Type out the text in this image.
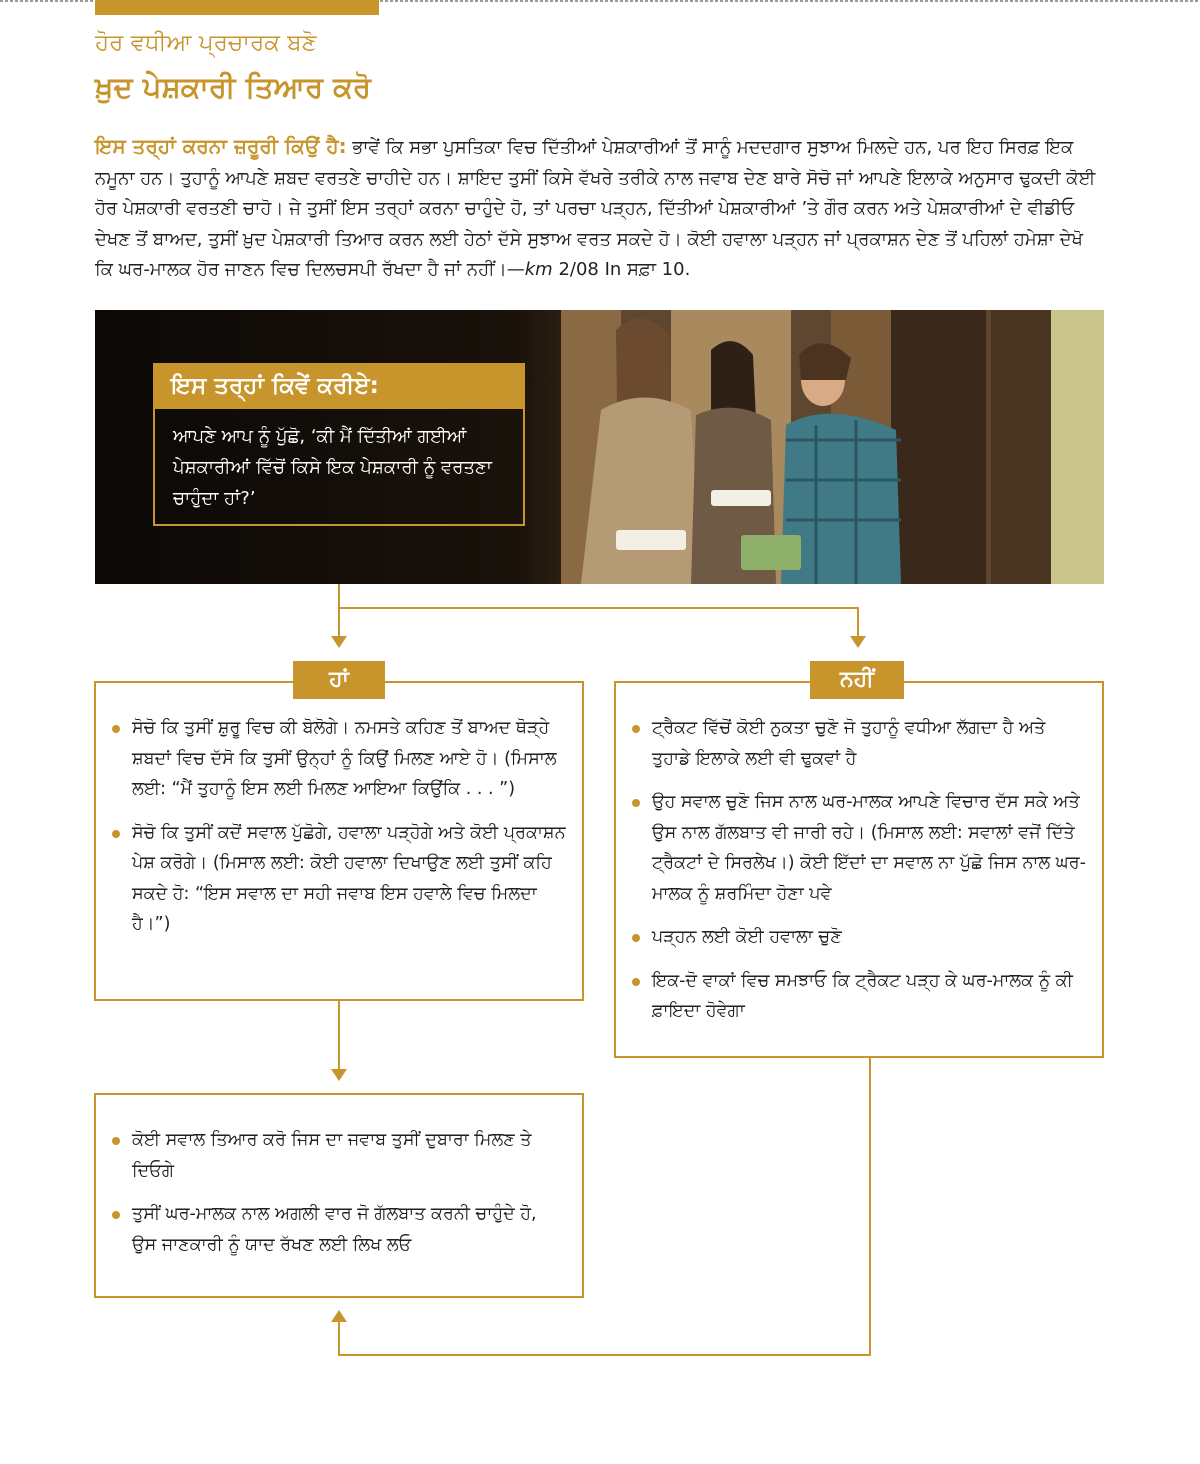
ਹੋਰ ਵਧੀਆ ਪ੍ਰਚਾਰਕ ਬਣੋ
ਖ਼ੁਦ ਪੇਸ਼ਕਾਰੀ ਤਿਆਰ ਕਰੋ
ਇਸ ਤਰ੍ਹਾਂ ਕਰਨਾ ਜ਼ਰੂਰੀ ਕਿਉਂ ਹੈ: ਭਾਵੇਂ ਕਿ ਸਭਾ ਪੁਸਤਿਕਾ ਵਿਚ ਦਿੱਤੀਆਂ ਪੇਸ਼ਕਾਰੀਆਂ ਤੋਂ ਸਾਨੂੰ ਮਦਦਗਾਰ ਸੁਝਾਅ ਮਿਲਦੇ ਹਨ, ਪਰ ਇਹ ਸਿਰਫ਼ ਇਕ ਨਮੂਨਾ ਹਨ। ਤੁਹਾਨੂੰ ਆਪਣੇ ਸ਼ਬਦ ਵਰਤਣੇ ਚਾਹੀਦੇ ਹਨ। ਸ਼ਾਇਦ ਤੁਸੀਂ ਕਿਸੇ ਵੱਖਰੇ ਤਰੀਕੇ ਨਾਲ ਜਵਾਬ ਦੇਣ ਬਾਰੇ ਸੋਚੋ ਜਾਂ ਆਪਣੇ ਇਲਾਕੇ ਅਨੁਸਾਰ ਢੁਕਦੀ ਕੋਈ ਹੋਰ ਪੇਸ਼ਕਾਰੀ ਵਰਤਣੀ ਚਾਹੋ। ਜੇ ਤੁਸੀਂ ਇਸ ਤਰ੍ਹਾਂ ਕਰਨਾ ਚਾਹੁੰਦੇ ਹੋ, ਤਾਂ ਪਰਚਾ ਪੜ੍ਹਨ, ਦਿੱਤੀਆਂ ਪੇਸ਼ਕਾਰੀਆਂ ’ਤੇ ਗੌਰ ਕਰਨ ਅਤੇ ਪੇਸ਼ਕਾਰੀਆਂ ਦੇ ਵੀਡੀਓ ਦੇਖਣ ਤੋਂ ਬਾਅਦ, ਤੁਸੀਂ ਖ਼ੁਦ ਪੇਸ਼ਕਾਰੀ ਤਿਆਰ ਕਰਨ ਲਈ ਹੇਠਾਂ ਦੱਸੇ ਸੁਝਾਅ ਵਰਤ ਸਕਦੇ ਹੋ। ਕੋਈ ਹਵਾਲਾ ਪੜ੍ਹਨ ਜਾਂ ਪ੍ਰਕਾਸ਼ਨ ਦੇਣ ਤੋਂ ਪਹਿਲਾਂ ਹਮੇਸ਼ਾ ਦੇਖੋ ਕਿ ਘਰ-ਮਾਲਕ ਹੋਰ ਜਾਣਨ ਵਿਚ ਦਿਲਚਸਪੀ ਰੱਖਦਾ ਹੈ ਜਾਂ ਨਹੀਂ।—km 2/08 In ਸਫ਼ਾ 10.
ਇਸ ਤਰ੍ਹਾਂ ਕਿਵੇਂ ਕਰੀਏ:
ਆਪਣੇ ਆਪ ਨੂੰ ਪੁੱਛੋ, ‘ਕੀ ਮੈਂ ਦਿੱਤੀਆਂ ਗਈਆਂ ਪੇਸ਼ਕਾਰੀਆਂ ਵਿੱਚੋਂ ਕਿਸੇ ਇਕ ਪੇਸ਼ਕਾਰੀ ਨੂੰ ਵਰਤਣਾ ਚਾਹੁੰਦਾ ਹਾਂ?’
ਸੋਚੋ ਕਿ ਤੁਸੀਂ ਸ਼ੁਰੂ ਵਿਚ ਕੀ ਬੋਲੋਗੇ। ਨਮਸਤੇ ਕਹਿਣ ਤੋਂ ਬਾਅਦ ਥੋੜ੍ਹੇ ਸ਼ਬਦਾਂ ਵਿਚ ਦੱਸੋ ਕਿ ਤੁਸੀਂ ਉਨ੍ਹਾਂ ਨੂੰ ਕਿਉਂ ਮਿਲਣ ਆਏ ਹੋ। (ਮਿਸਾਲ ਲਈ: “ਮੈਂ ਤੁਹਾਨੂੰ ਇਸ ਲਈ ਮਿਲਣ ਆਇਆ ਕਿਉਂਕਿ . . . ”)
ਸੋਚੋ ਕਿ ਤੁਸੀਂ ਕਦੋਂ ਸਵਾਲ ਪੁੱਛੋਗੇ, ਹਵਾਲਾ ਪੜ੍ਹੋਗੇ ਅਤੇ ਕੋਈ ਪ੍ਰਕਾਸ਼ਨ ਪੇਸ਼ ਕਰੋਗੇ। (ਮਿਸਾਲ ਲਈ: ਕੋਈ ਹਵਾਲਾ ਦਿਖਾਉਣ ਲਈ ਤੁਸੀਂ ਕਹਿ ਸਕਦੇ ਹੋ: “ਇਸ ਸਵਾਲ ਦਾ ਸਹੀ ਜਵਾਬ ਇਸ ਹਵਾਲੇ ਵਿਚ ਮਿਲਦਾ ਹੈ।”)
ਹਾਂ
ਟ੍ਰੈਕਟ ਵਿੱਚੋਂ ਕੋਈ ਨੁਕਤਾ ਚੁਣੋ ਜੋ ਤੁਹਾਨੂੰ ਵਧੀਆ ਲੱਗਦਾ ਹੈ ਅਤੇ ਤੁਹਾਡੇ ਇਲਾਕੇ ਲਈ ਵੀ ਢੁਕਵਾਂ ਹੈ
ਉਹ ਸਵਾਲ ਚੁਣੋ ਜਿਸ ਨਾਲ ਘਰ-ਮਾਲਕ ਆਪਣੇ ਵਿਚਾਰ ਦੱਸ ਸਕੇ ਅਤੇ ਉਸ ਨਾਲ ਗੱਲਬਾਤ ਵੀ ਜਾਰੀ ਰਹੇ। (ਮਿਸਾਲ ਲਈ: ਸਵਾਲਾਂ ਵਜੋਂ ਦਿੱਤੇ ਟ੍ਰੈਕਟਾਂ ਦੇ ਸਿਰਲੇਖ।) ਕੋਈ ਇੱਦਾਂ ਦਾ ਸਵਾਲ ਨਾ ਪੁੱਛੋ ਜਿਸ ਨਾਲ ਘਰ-ਮਾਲਕ ਨੂੰ ਸ਼ਰਮਿੰਦਾ ਹੋਣਾ ਪਵੇ
ਪੜ੍ਹਨ ਲਈ ਕੋਈ ਹਵਾਲਾ ਚੁਣੋ
ਇਕ-ਦੋ ਵਾਕਾਂ ਵਿਚ ਸਮਝਾਓ ਕਿ ਟ੍ਰੈਕਟ ਪੜ੍ਹ ਕੇ ਘਰ-ਮਾਲਕ ਨੂੰ ਕੀ ਫ਼ਾਇਦਾ ਹੋਵੇਗਾ
ਨਹੀਂ
ਕੋਈ ਸਵਾਲ ਤਿਆਰ ਕਰੋ ਜਿਸ ਦਾ ਜਵਾਬ ਤੁਸੀਂ ਦੁਬਾਰਾ ਮਿਲਣ ਤੇ ਦਿਓਗੇ
ਤੁਸੀਂ ਘਰ-ਮਾਲਕ ਨਾਲ ਅਗਲੀ ਵਾਰ ਜੋ ਗੱਲਬਾਤ ਕਰਨੀ ਚਾਹੁੰਦੇ ਹੋ, ਉਸ ਜਾਣਕਾਰੀ ਨੂੰ ਯਾਦ ਰੱਖਣ ਲਈ ਲਿਖ ਲਓ
